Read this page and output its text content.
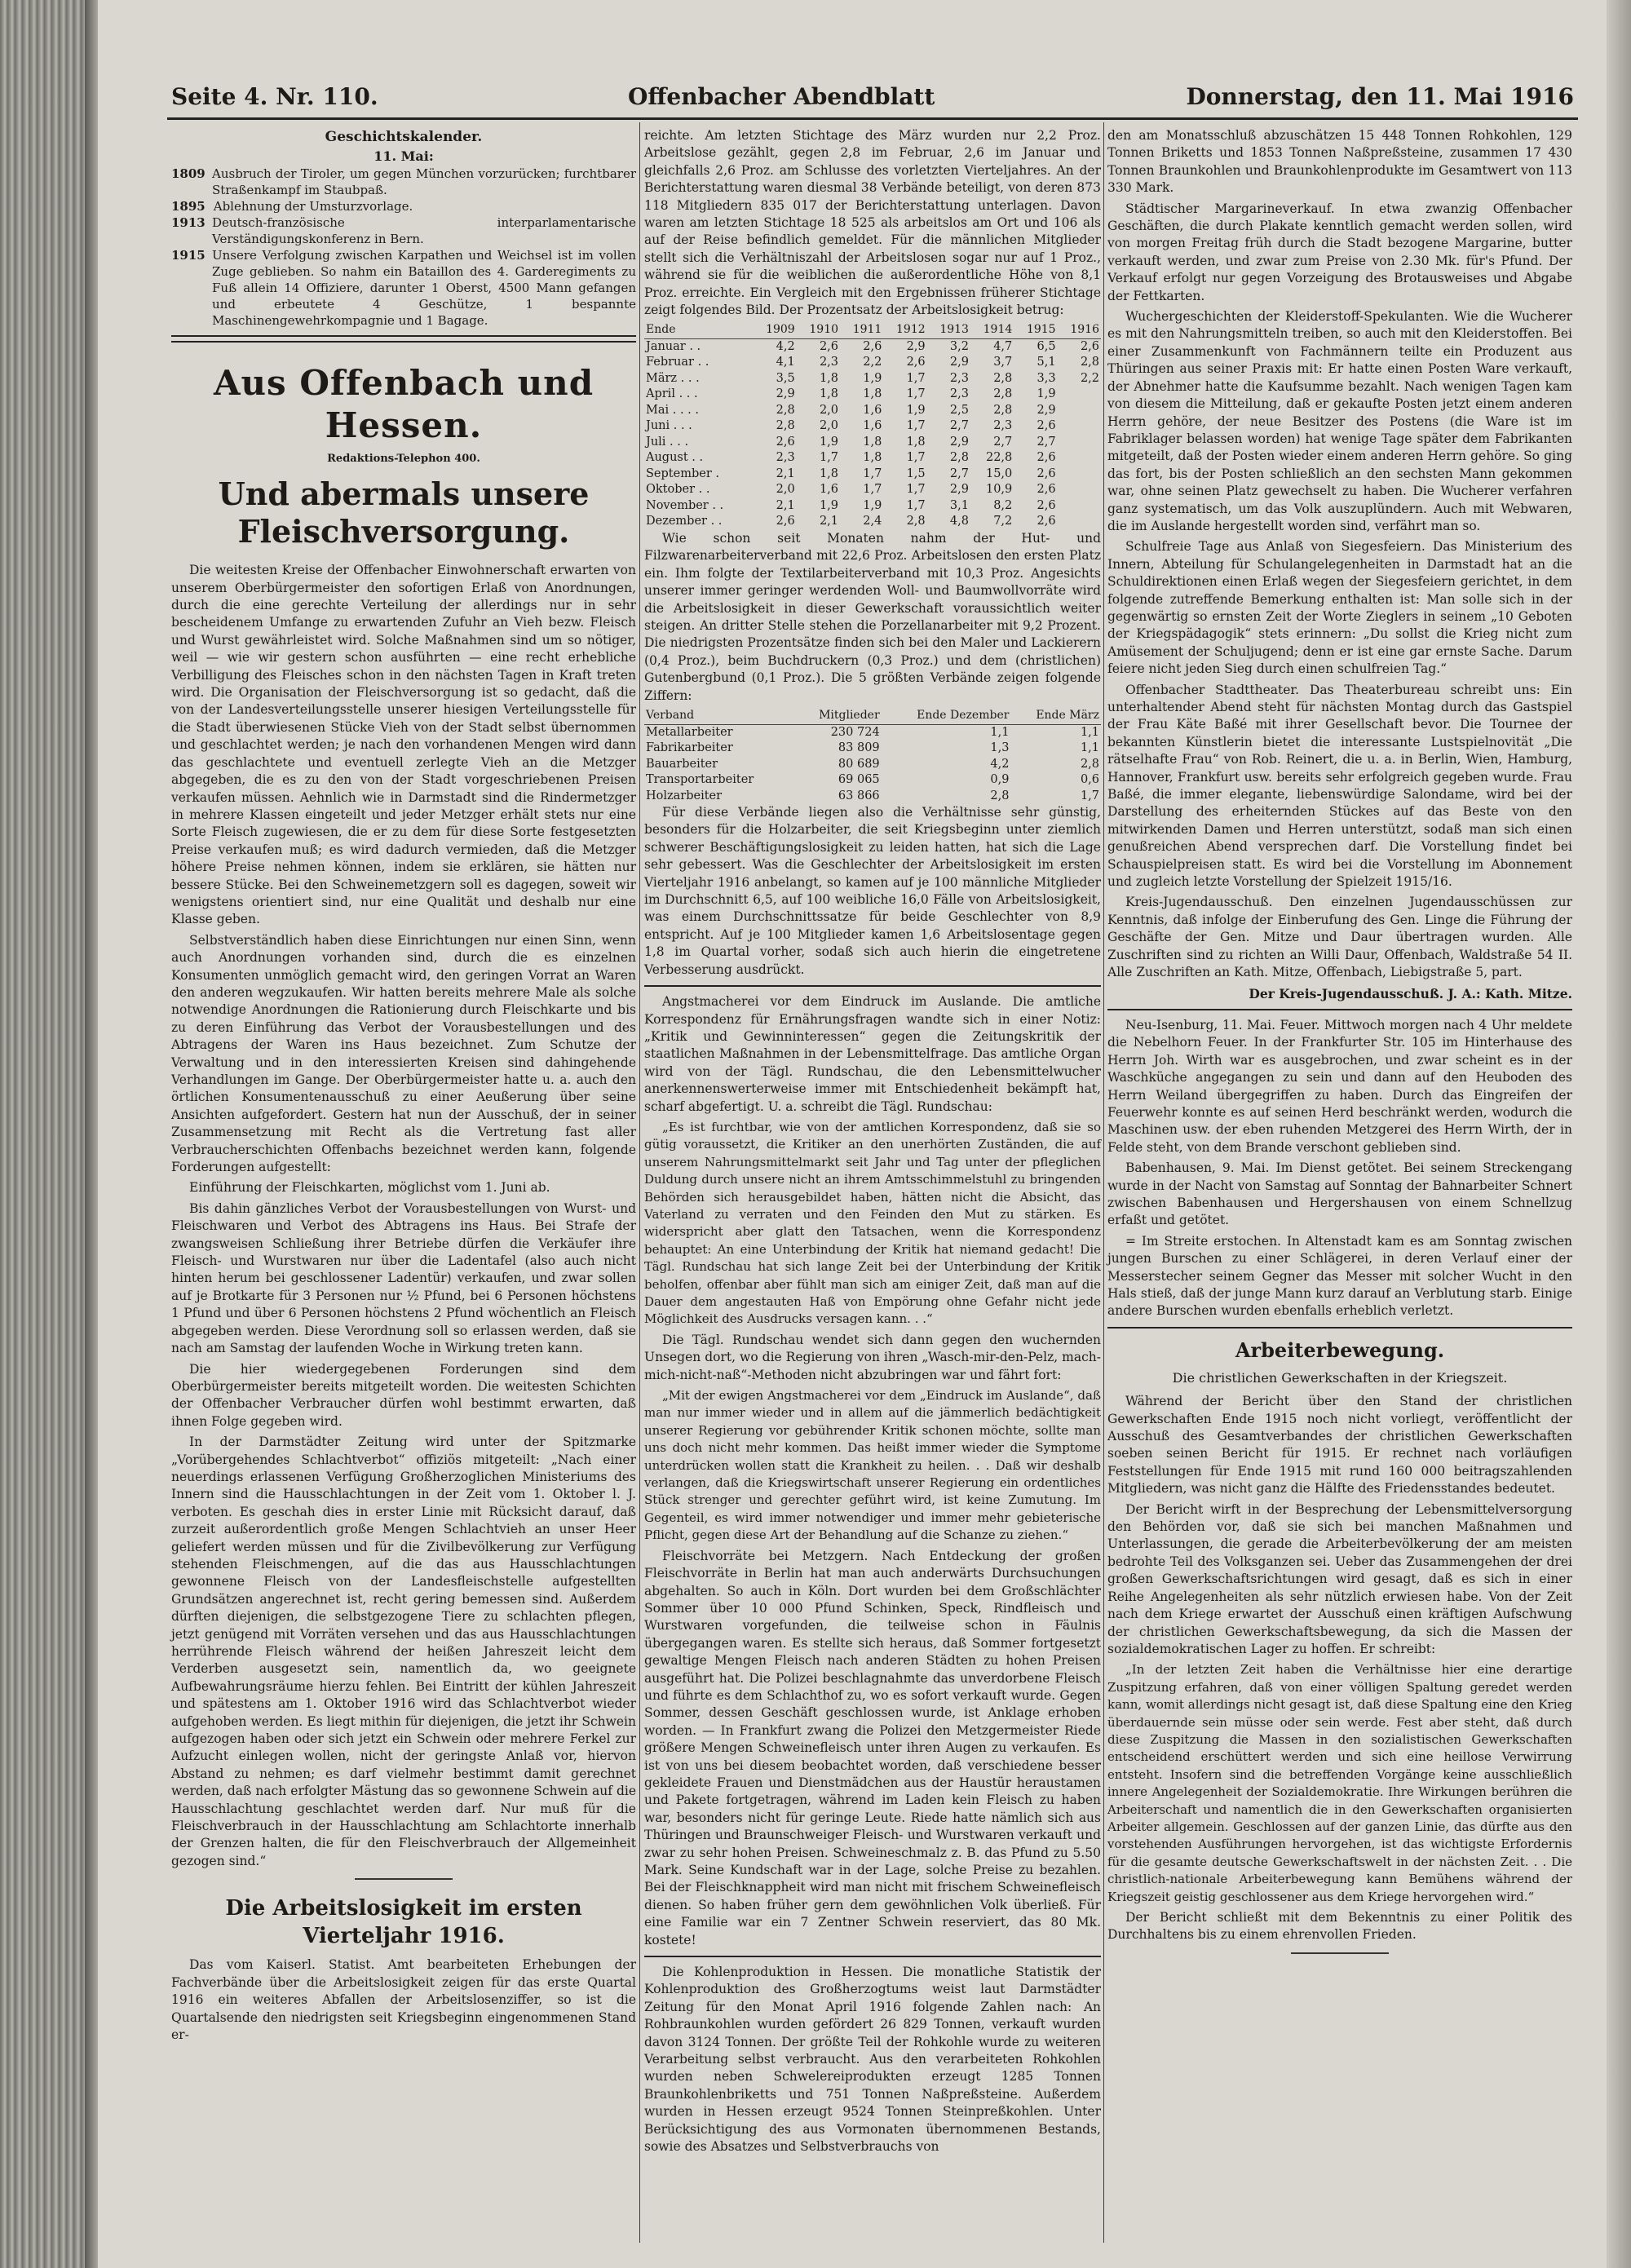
Seite 4. Nr. 110.	Offenbacher Abendblatt	Donnerstag, den 11. Mai 1916
Geschichtskalender.
11. Mai:
1809 Ausbruch der Tiroler, um gegen München vorzurücken; furchtbarer Straßenkampf im Staubpaß.
1895 Ablehnung der Umsturzvorlage.
1913 Deutsch-französische interparlamentarische Verständigungskonferenz in Bern.
1915 Unsere Verfolgung zwischen Karpathen und Weichsel ist im vollen Zuge geblieben. So nahm ein Bataillon des 4. Garderegiments zu Fuß allein 14 Offiziere, darunter 1 Oberst, 4500 Mann gefangen und erbeutete 4 Geschütze, 1 bespannte Maschinengewehrkompagnie und 1 Bagage.
Aus Offenbach und Hessen.
Redaktions-Telephon 400.
Und abermals unsere Fleischversorgung.

Die weitesten Kreise der Offenbacher Einwohnerschaft erwarten von unserem Oberbürgermeister den sofortigen Erlaß von Anordnungen, durch die eine gerechte Verteilung der allerdings nur in sehr bescheidenem Umfange zu erwartenden Zufuhr an Vieh bezw. Fleisch und Wurst gewährleistet wird. Solche Maßnahmen sind um so nötiger, weil — wie wir gestern schon ausführten — eine recht erhebliche Verbilligung des Fleisches schon in den nächsten Tagen in Kraft treten wird. Die Organisation der Fleischversorgung ist so gedacht, daß die von der Landesverteilungsstelle unserer hiesigen Verteilungsstelle für die Stadt überwiesenen Stücke Vieh von der Stadt selbst übernommen und geschlachtet werden; je nach den vorhandenen Mengen wird dann das geschlachtete und eventuell zerlegte Vieh an die Metzger abgegeben, die es zu den von der Stadt vorgeschriebenen Preisen verkaufen müssen. Aehnlich wie in Darmstadt sind die Rindermetzger in mehrere Klassen eingeteilt und jeder Metzger erhält stets nur eine Sorte Fleisch zugewiesen, die er zu dem für diese Sorte festgesetzten Preise verkaufen muß; es wird dadurch vermieden, daß die Metzger höhere Preise nehmen können, indem sie erklären, sie hätten nur bessere Stücke. Bei den Schweinemetzgern soll es dagegen, soweit wir wenigstens orientiert sind, nur eine Qualität und deshalb nur eine Klasse geben.

Selbstverständlich haben diese Einrichtungen nur einen Sinn, wenn auch Anordnungen vorhanden sind, durch die es einzelnen Konsumenten unmöglich gemacht wird, den geringen Vorrat an Waren den anderen wegzukaufen. Wir hatten bereits mehrere Male als solche notwendige Anordnungen die Rationierung durch Fleischkarte und bis zu deren Einführung das Verbot der Vorausbestellungen und des Abtragens der Waren ins Haus bezeichnet. Zum Schutze der Verwaltung und in den interessierten Kreisen sind dahingehende Verhandlungen im Gange. Der Oberbürgermeister hatte u. a. auch den örtlichen Konsumentenausschuß zu einer Aeußerung über seine Ansichten aufgefordert. Gestern hat nun der Ausschuß, der in seiner Zusammensetzung mit Recht als die Vertretung fast aller Verbraucherschichten Offenbachs bezeichnet werden kann, folgende Forderungen aufgestellt:

Einführung der Fleischkarten, möglichst vom 1. Juni ab.

Bis dahin gänzliches Verbot der Vorausbestellungen von Wurst- und Fleischwaren und Verbot des Abtragens ins Haus. Bei Strafe der zwangsweisen Schließung ihrer Betriebe dürfen die Verkäufer ihre Fleisch- und Wurstwaren nur über die Ladentafel (also auch nicht hinten herum bei geschlossener Ladentür) verkaufen, und zwar sollen auf je Brotkarte für 3 Personen nur ½ Pfund, bei 6 Personen höchstens 1 Pfund und über 6 Personen höchstens 2 Pfund wöchentlich an Fleisch abgegeben werden. Diese Verordnung soll so erlassen werden, daß sie nach am Samstag der laufenden Woche in Wirkung treten kann.

Die hier wiedergegebenen Forderungen sind dem Oberbürgermeister bereits mitgeteilt worden. Die weitesten Schichten der Offenbacher Verbraucher dürfen wohl bestimmt erwarten, daß ihnen Folge gegeben wird.

In der Darmstädter Zeitung wird unter der Spitzmarke „Vorübergehendes Schlachtverbot“ offiziös mitgeteilt: „Nach einer neuerdings erlassenen Verfügung Großherzoglichen Ministeriums des Innern sind die Hausschlachtungen in der Zeit vom 1. Oktober l. J. verboten. Es geschah dies in erster Linie mit Rücksicht darauf, daß zurzeit außerordentlich große Mengen Schlachtvieh an unser Heer geliefert werden müssen und für die Zivilbevölkerung zur Verfügung stehenden Fleischmengen, auf die das aus Hausschlachtungen gewonnene Fleisch von der Landesfleischstelle aufgestellten Grundsätzen angerechnet ist, recht gering bemessen sind. Außerdem dürften diejenigen, die selbstgezogene Tiere zu schlachten pflegen, jetzt genügend mit Vorräten versehen und das aus Hausschlachtungen herrührende Fleisch während der heißen Jahreszeit leicht dem Verderben ausgesetzt sein, namentlich da, wo geeignete Aufbewahrungsräume hierzu fehlen. Bei Eintritt der kühlen Jahreszeit und spätestens am 1. Oktober 1916 wird das Schlachtverbot wieder aufgehoben werden. Es liegt mithin für diejenigen, die jetzt ihr Schwein aufgezogen haben oder sich jetzt ein Schwein oder mehrere Ferkel zur Aufzucht einlegen wollen, nicht der geringste Anlaß vor, hiervon Abstand zu nehmen; es darf vielmehr bestimmt damit gerechnet werden, daß nach erfolgter Mästung das so gewonnene Schwein auf die Hausschlachtung geschlachtet werden darf. Nur muß für die Fleischverbrauch in der Hausschlachtung am Schlachtorte innerhalb der Grenzen halten, die für den Fleischverbrauch der Allgemeinheit gezogen sind.“

Die Arbeitslosigkeit im ersten Vierteljahr 1916.

Das vom Kaiserl. Statist. Amt bearbeiteten Erhebungen der Fachverbände über die Arbeitslosigkeit zeigen für das erste Quartal 1916 ein weiteres Abfallen der Arbeitslosenziffer, so ist die Quartalsende den niedrigsten seit Kriegsbeginn eingenommenen Stand er-

reichte. Am letzten Stichtage des März wurden nur 2,2 Proz. Arbeitslose gezählt, gegen 2,8 im Februar, 2,6 im Januar und gleichfalls 2,6 Proz. am Schlusse des vorletzten Vierteljahres. An der Berichterstattung waren diesmal 38 Verbände beteiligt, von deren 873 118 Mitgliedern 835 017 der Berichterstattung unterlagen. Davon waren am letzten Stichtage 18 525 als arbeitslos am Ort und 106 als auf der Reise befindlich gemeldet. Für die männlichen Mitglieder stellt sich die Verhältniszahl der Arbeitslosen sogar nur auf 1 Proz., während sie für die weiblichen die außerordentliche Höhe von 8,1 Proz. erreichte. Ein Vergleich mit den Ergebnissen früherer Stichtage zeigt folgendes Bild. Der Prozentsatz der Arbeitslosigkeit betrug:

Ende	1909	1910	1911	1912	1913	1914	1915	1916
Januar . .	4,2	2,6	2,6	2,9	3,2	4,7	6,5	2,6
Februar . .	4,1	2,3	2,2	2,6	2,9	3,7	5,1	2,8
März . . .	3,5	1,8	1,9	1,7	2,3	2,8	3,3	2,2
April . . .	2,9	1,8	1,8	1,7	2,3	2,8	1,9	
Mai . . . .	2,8	2,0	1,6	1,9	2,5	2,8	2,9	
Juni . . .	2,8	2,0	1,6	1,7	2,7	2,3	2,6	
Juli . . .	2,6	1,9	1,8	1,8	2,9	2,7	2,7	
August . .	2,3	1,7	1,8	1,7	2,8	22,8	2,6	
September .	2,1	1,8	1,7	1,5	2,7	15,0	2,6	
Oktober . .	2,0	1,6	1,7	1,7	2,9	10,9	2,6	
November . .	2,1	1,9	1,9	1,7	3,1	8,2	2,6	
Dezember . .	2,6	2,1	2,4	2,8	4,8	7,2	2,6	

Wie schon seit Monaten nahm der Hut- und Filzwarenarbeiterverband mit 22,6 Proz. Arbeitslosen den ersten Platz ein. Ihm folgte der Textilarbeiterverband mit 10,3 Proz. Angesichts unserer immer geringer werdenden Woll- und Baumwollvorräte wird die Arbeitslosigkeit in dieser Gewerkschaft voraussichtlich weiter steigen. An dritter Stelle stehen die Porzellanarbeiter mit 9,2 Prozent. Die niedrigsten Prozentsätze finden sich bei den Maler und Lackierern (0,4 Proz.), beim Buchdruckern (0,3 Proz.) und dem (christlichen) Gutenbergbund (0,1 Proz.). Die 5 größten Verbände zeigen folgende Ziffern:

Verband	Mitglieder	Ende Dezember	Ende März
Metallarbeiter	230 724	1,1	1,1
Fabrikarbeiter	83 809	1,3	1,1
Bauarbeiter	80 689	4,2	2,8
Transportarbeiter	69 065	0,9	0,6
Holzarbeiter	63 866	2,8	1,7

Für diese Verbände liegen also die Verhältnisse sehr günstig, besonders für die Holzarbeiter, die seit Kriegsbeginn unter ziemlich schwerer Beschäftigungslosigkeit zu leiden hatten, hat sich die Lage sehr gebessert. Was die Geschlechter der Arbeitslosigkeit im ersten Vierteljahr 1916 anbelangt, so kamen auf je 100 männliche Mitglieder im Durchschnitt 6,5, auf 100 weibliche 16,0 Fälle von Arbeitslosigkeit, was einem Durchschnittssatze für beide Geschlechter von 8,9 entspricht. Auf je 100 Mitglieder kamen 1,6 Arbeitslosentage gegen 1,8 im Quartal vorher, sodaß sich auch hierin die eingetretene Verbesserung ausdrückt.

Angstmacherei vor dem Eindruck im Auslande. Die amtliche Korrespondenz für Ernährungsfragen wandte sich in einer Notiz: „Kritik und Gewinninteressen“ gegen die Zeitungskritik der staatlichen Maßnahmen in der Lebensmittelfrage. Das amtliche Organ wird von der Tägl. Rundschau, die den Lebensmittelwucher anerkennenswerterweise immer mit Entschiedenheit bekämpft hat, scharf abgefertigt. U. a. schreibt die Tägl. Rundschau:

„Es ist furchtbar, wie von der amtlichen Korrespondenz, daß sie so gütig voraussetzt, die Kritiker an den unerhörten Zuständen, die auf unserem Nahrungsmittelmarkt seit Jahr und Tag unter der pfleglichen Duldung durch unsere nicht an ihrem Amtsschimmelstuhl zu bringenden Behörden sich herausgebildet haben, hätten nicht die Absicht, das Vaterland zu verraten und den Feinden den Mut zu stärken. Es widerspricht aber glatt den Tatsachen, wenn die Korrespondenz behauptet: An eine Unterbindung der Kritik hat niemand gedacht! Die Tägl. Rundschau hat sich lange Zeit bei der Unterbindung der Kritik beholfen, offenbar aber fühlt man sich am einiger Zeit, daß man auf die Dauer dem angestauten Haß von Empörung ohne Gefahr nicht jede Möglichkeit des Ausdrucks versagen kann. . .“

Die Tägl. Rundschau wendet sich dann gegen den wuchernden Unsegen dort, wo die Regierung von ihren „Wasch-mir-den-Pelz, mach-mich-nicht-naß“-Methoden nicht abzubringen war und fährt fort:

„Mit der ewigen Angstmacherei vor dem „Eindruck im Auslande“, daß man nur immer wieder und in allem auf die jämmerlich bedächtigkeit unserer Regierung vor gebührender Kritik schonen möchte, sollte man uns doch nicht mehr kommen. Das heißt immer wieder die Symptome unterdrücken wollen statt die Krankheit zu heilen. . . Daß wir deshalb verlangen, daß die Kriegswirtschaft unserer Regierung ein ordentliches Stück strenger und gerechter geführt wird, ist keine Zumutung. Im Gegenteil, es wird immer notwendiger und immer mehr gebieterische Pflicht, gegen diese Art der Behandlung auf die Schanze zu ziehen.“

Fleischvorräte bei Metzgern. Nach Entdeckung der großen Fleischvorräte in Berlin hat man auch anderwärts Durchsuchungen abgehalten. So auch in Köln. Dort wurden bei dem Großschlächter Sommer über 10 000 Pfund Schinken, Speck, Rindfleisch und Wurstwaren vorgefunden, die teilweise schon in Fäulnis übergegangen waren. Es stellte sich heraus, daß Sommer fortgesetzt gewaltige Mengen Fleisch nach anderen Städten zu hohen Preisen ausgeführt hat. Die Polizei beschlagnahmte das unverdorbene Fleisch und führte es dem Schlachthof zu, wo es sofort verkauft wurde. Gegen Sommer, dessen Geschäft geschlossen wurde, ist Anklage erhoben worden. — In Frankfurt zwang die Polizei den Metzgermeister Riede größere Mengen Schweinefleisch unter ihren Augen zu verkaufen. Es ist von uns bei diesem beobachtet worden, daß verschiedene besser gekleidete Frauen und Dienstmädchen aus der Haustür heraustamen und Pakete fortgetragen, während im Laden kein Fleisch zu haben war, besonders nicht für geringe Leute. Riede hatte nämlich sich aus Thüringen und Braunschweiger Fleisch- und Wurstwaren verkauft und zwar zu sehr hohen Preisen. Schweineschmalz z. B. das Pfund zu 5.50 Mark. Seine Kundschaft war in der Lage, solche Preise zu bezahlen. Bei der Fleischknappheit wird man nicht mit frischem Schweinefleisch dienen. So haben früher gern dem gewöhnlichen Volk überließ. Für eine Familie war ein 7 Zentner Schwein reserviert, das 80 Mk. kostete!

Die Kohlenproduktion in Hessen. Die monatliche Statistik der Kohlenproduktion des Großherzogtums weist laut Darmstädter Zeitung für den Monat April 1916 folgende Zahlen nach: An Rohbraunkohlen wurden gefördert 26 829 Tonnen, verkauft wurden davon 3124 Tonnen. Der größte Teil der Rohkohle wurde zu weiteren Verarbeitung selbst verbraucht. Aus den verarbeiteten Rohkohlen wurden neben Schwelereiprodukten erzeugt 1285 Tonnen Braunkohlenbriketts und 751 Tonnen Naßpreßsteine. Außerdem wurden in Hessen erzeugt 9524 Tonnen Steinpreßkohlen. Unter Berücksichtigung des aus Vormonaten übernommenen Bestands, sowie des Absatzes und Selbstverbrauchs von

den am Monatsschluß abzuschätzen 15 448 Tonnen Rohkohlen, 129 Tonnen Briketts und 1853 Tonnen Naßpreßsteine, zusammen 17 430 Tonnen Braunkohlen und Braunkohlenprodukte im Gesamtwert von 113 330 Mark.

Städtischer Margarineverkauf. In etwa zwanzig Offenbacher Geschäften, die durch Plakate kenntlich gemacht werden sollen, wird von morgen Freitag früh durch die Stadt bezogene Margarine, butter verkauft werden, und zwar zum Preise von 2.30 Mk. für's Pfund. Der Verkauf erfolgt nur gegen Vorzeigung des Brotausweises und Abgabe der Fettkarten.

Wuchergeschichten der Kleiderstoff-Spekulanten. Wie die Wucherer es mit den Nahrungsmitteln treiben, so auch mit den Kleiderstoffen. Bei einer Zusammenkunft von Fachmännern teilte ein Produzent aus Thüringen aus seiner Praxis mit: Er hatte einen Posten Ware verkauft, der Abnehmer hatte die Kaufsumme bezahlt. Nach wenigen Tagen kam von diesem die Mitteilung, daß er gekaufte Posten jetzt einem anderen Herrn gehöre, der neue Besitzer des Postens (die Ware ist im Fabriklager belassen worden) hat wenige Tage später dem Fabrikanten mitgeteilt, daß der Posten wieder einem anderen Herrn gehöre. So ging das fort, bis der Posten schließlich an den sechsten Mann gekommen war, ohne seinen Platz gewechselt zu haben. Die Wucherer verfahren ganz systematisch, um das Volk auszuplündern. Auch mit Webwaren, die im Auslande hergestellt worden sind, verfährt man so.

Schulfreie Tage aus Anlaß von Siegesfeiern. Das Ministerium des Innern, Abteilung für Schulangelegenheiten in Darmstadt hat an die Schuldirektionen einen Erlaß wegen der Siegesfeiern gerichtet, in dem folgende zutreffende Bemerkung enthalten ist: Man solle sich in der gegenwärtig so ernsten Zeit der Worte Zieglers in seinem „10 Geboten der Kriegspädagogik“ stets erinnern: „Du sollst die Krieg nicht zum Amüsement der Schuljugend; denn er ist eine gar ernste Sache. Darum feiere nicht jeden Sieg durch einen schulfreien Tag.“

Offenbacher Stadttheater. Das Theaterbureau schreibt uns: Ein unterhaltender Abend steht für nächsten Montag durch das Gastspiel der Frau Käte Baßé mit ihrer Gesellschaft bevor. Die Tournee der bekannten Künstlerin bietet die interessante Lustspielnovität „Die rätselhafte Frau“ von Rob. Reinert, die u. a. in Berlin, Wien, Hamburg, Hannover, Frankfurt usw. bereits sehr erfolgreich gegeben wurde. Frau Baßé, die immer elegante, liebenswürdige Salondame, wird bei der Darstellung des erheiternden Stückes auf das Beste von den mitwirkenden Damen und Herren unterstützt, sodaß man sich einen genußreichen Abend versprechen darf. Die Vorstellung findet bei Schauspielpreisen statt. Es wird bei die Vorstellung im Abonnement und zugleich letzte Vorstellung der Spielzeit 1915/16.

Kreis-Jugendausschuß. Den einzelnen Jugendausschüssen zur Kenntnis, daß infolge der Einberufung des Gen. Linge die Führung der Geschäfte der Gen. Mitze und Daur übertragen wurden. Alle Zuschriften sind zu richten an Willi Daur, Offenbach, Waldstraße 54 II. Alle Zuschriften an Kath. Mitze, Offenbach, Liebigstraße 5, part.

Der Kreis-Jugendausschuß. J. A.: Kath. Mitze.

Neu-Isenburg, 11. Mai. Feuer. Mittwoch morgen nach 4 Uhr meldete die Nebelhorn Feuer. In der Frankfurter Str. 105 im Hinterhause des Herrn Joh. Wirth war es ausgebrochen, und zwar scheint es in der Waschküche angegangen zu sein und dann auf den Heuboden des Herrn Weiland übergegriffen zu haben. Durch das Eingreifen der Feuerwehr konnte es auf seinen Herd beschränkt werden, wodurch die Maschinen usw. der eben ruhenden Metzgerei des Herrn Wirth, der in Felde steht, von dem Brande verschont geblieben sind.

Babenhausen, 9. Mai. Im Dienst getötet. Bei seinem Streckengang wurde in der Nacht von Samstag auf Sonntag der Bahnarbeiter Schnert zwischen Babenhausen und Hergershausen von einem Schnellzug erfaßt und getötet.

= Im Streite erstochen. In Altenstadt kam es am Sonntag zwischen jungen Burschen zu einer Schlägerei, in deren Verlauf einer der Messerstecher seinem Gegner das Messer mit solcher Wucht in den Hals stieß, daß der junge Mann kurz darauf an Verblutung starb. Einige andere Burschen wurden ebenfalls erheblich verletzt.

Arbeiterbewegung.
Die christlichen Gewerkschaften in der Kriegszeit.

Während der Bericht über den Stand der christlichen Gewerkschaften Ende 1915 noch nicht vorliegt, veröffentlicht der Ausschuß des Gesamtverbandes der christlichen Gewerkschaften soeben seinen Bericht für 1915. Er rechnet nach vorläufigen Feststellungen für Ende 1915 mit rund 160 000 beitragszahlenden Mitgliedern, was nicht ganz die Hälfte des Friedensstandes bedeutet.

Der Bericht wirft in der Besprechung der Lebensmittelversorgung den Behörden vor, daß sie sich bei manchen Maßnahmen und Unterlassungen, die gerade die Arbeiterbevölkerung der am meisten bedrohte Teil des Volksganzen sei. Ueber das Zusammengehen der drei großen Gewerkschaftsrichtungen wird gesagt, daß es sich in einer Reihe Angelegenheiten als sehr nützlich erwiesen habe. Von der Zeit nach dem Kriege erwartet der Ausschuß einen kräftigen Aufschwung der christlichen Gewerkschaftsbewegung, da sich die Massen der sozialdemokratischen Lager zu hoffen. Er schreibt:

„In der letzten Zeit haben die Verhältnisse hier eine derartige Zuspitzung erfahren, daß von einer völligen Spaltung geredet werden kann, womit allerdings nicht gesagt ist, daß diese Spaltung eine den Krieg überdauernde sein müsse oder sein werde. Fest aber steht, daß durch diese Zuspitzung die Massen in den sozialistischen Gewerkschaften entscheidend erschüttert werden und sich eine heillose Verwirrung entsteht. Insofern sind die betreffenden Vorgänge keine ausschließlich innere Angelegenheit der Sozialdemokratie. Ihre Wirkungen berühren die Arbeiterschaft und namentlich die in den Gewerkschaften organisierten Arbeiter allgemein. Geschlossen auf der ganzen Linie, das dürfte aus den vorstehenden Ausführungen hervorgehen, ist das wichtigste Erfordernis für die gesamte deutsche Gewerkschaftswelt in der nächsten Zeit. . . Die christlich-nationale Arbeiterbewegung kann Bemühens während der Kriegszeit geistig geschlossener aus dem Kriege hervorgehen wird.“

Der Bericht schließt mit dem Bekenntnis zu einer Politik des Durchhaltens bis zu einem ehrenvollen Frieden.
